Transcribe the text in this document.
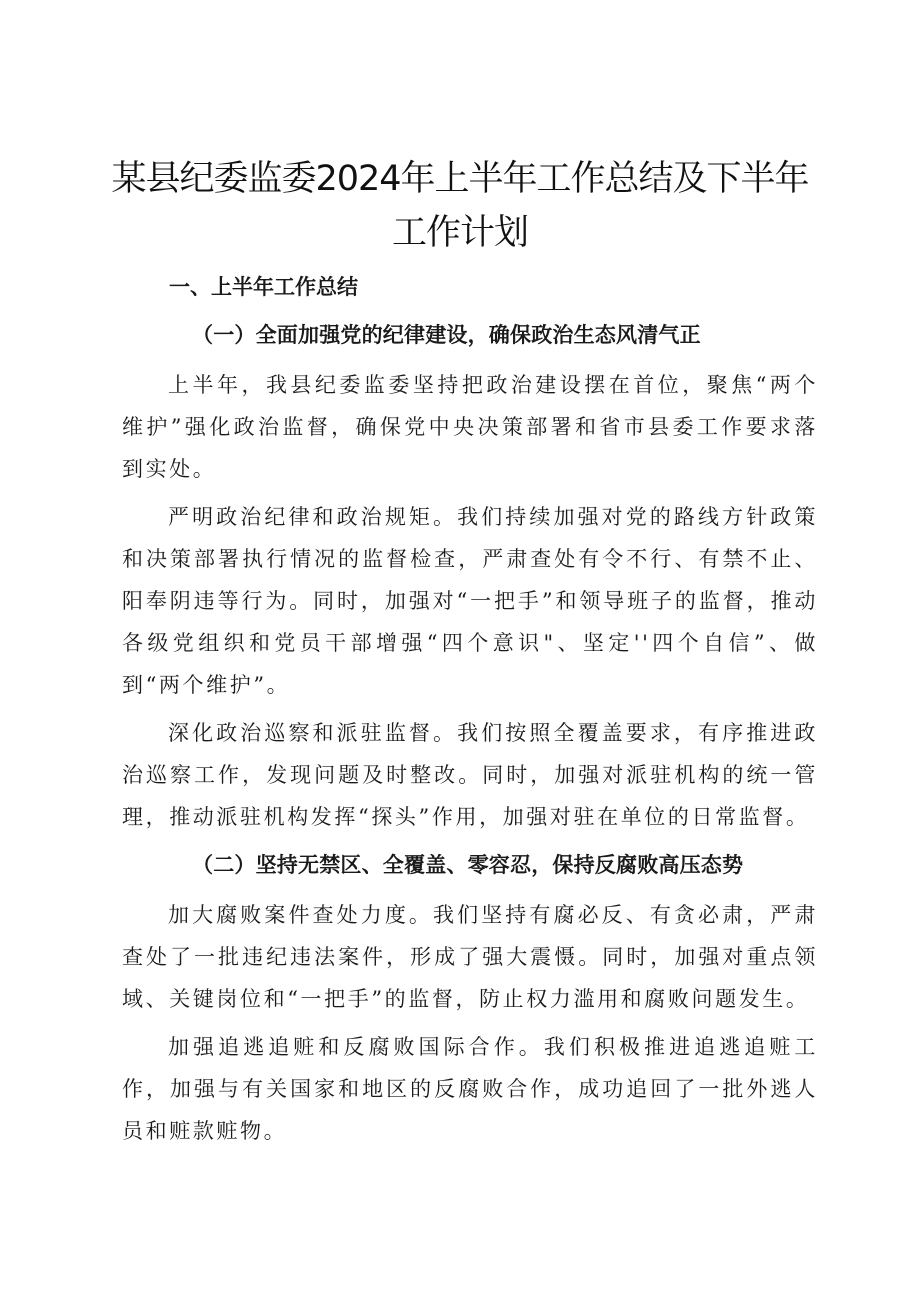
某县纪委监委2024年上半年工作总结及下半年工作计划
一、上半年工作总结
（一）全面加强党的纪律建设，确保政治生态风清气正

上半年，我县纪委监委坚持把政治建设摆在首位，聚焦“两个维护”强化政治监督，确保党中央决策部署和省市县委工作要求落到实处。

严明政治纪律和政治规矩。我们持续加强对党的路线方针政策和决策部署执行情况的监督检查，严肃查处有令不行、有禁不止、阳奉阴违等行为。同时，加强对“一把手”和领导班子的监督，推动各级党组织和党员干部增强“四个意识"、坚定''四个自信”、做到“两个维护”。

深化政治巡察和派驻监督。我们按照全覆盖要求，有序推进政治巡察工作，发现问题及时整改。同时，加强对派驻机构的统一管理，推动派驻机构发挥“探头”作用，加强对驻在单位的日常监督。

（二）坚持无禁区、全覆盖、零容忍，保持反腐败高压态势

加大腐败案件查处力度。我们坚持有腐必反、有贪必肃，严肃查处了一批违纪违法案件，形成了强大震慑。同时，加强对重点领域、关键岗位和“一把手”的监督，防止权力滥用和腐败问题发生。

加强追逃追赃和反腐败国际合作。我们积极推进追逃追赃工作，加强与有关国家和地区的反腐败合作，成功追回了一批外逃人员和赃款赃物。
